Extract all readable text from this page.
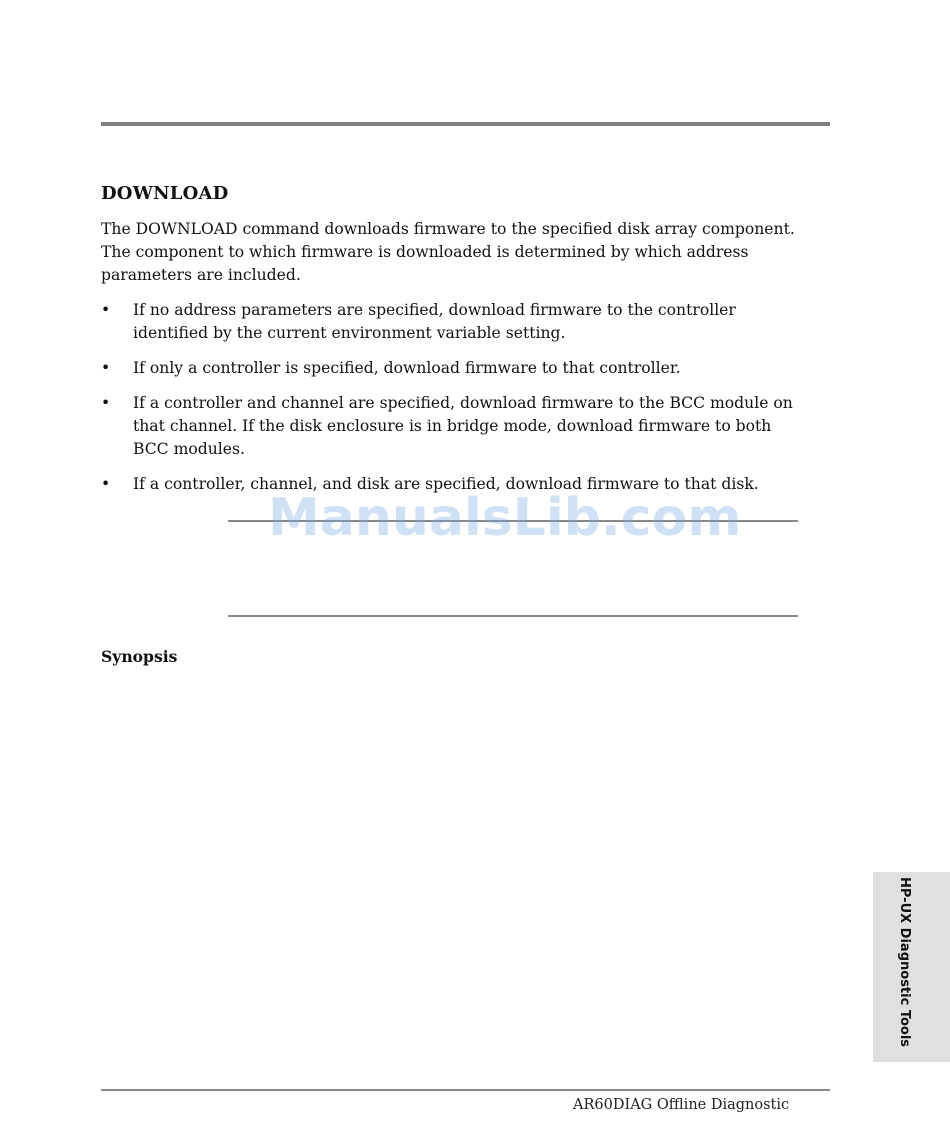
DOWNLOAD

The DOWNLOAD command downloads firmware to the specified disk array component. The component to which firmware is downloaded is determined by which address parameters are included.

• If no address parameters are specified, download firmware to the controller identified by the current environment variable setting.
• If only a controller is specified, download firmware to that controller.
• If a controller and channel are specified, download firmware to the BCC module on that channel. If the disk enclosure is in bridge mode, download firmware to both BCC modules.
• If a controller, channel, and disk are specified, download firmware to that disk.
ManualsLib.com
Synopsis
HP-UX Diagnostic Tools
AR60DIAG Offline Diagnostic
